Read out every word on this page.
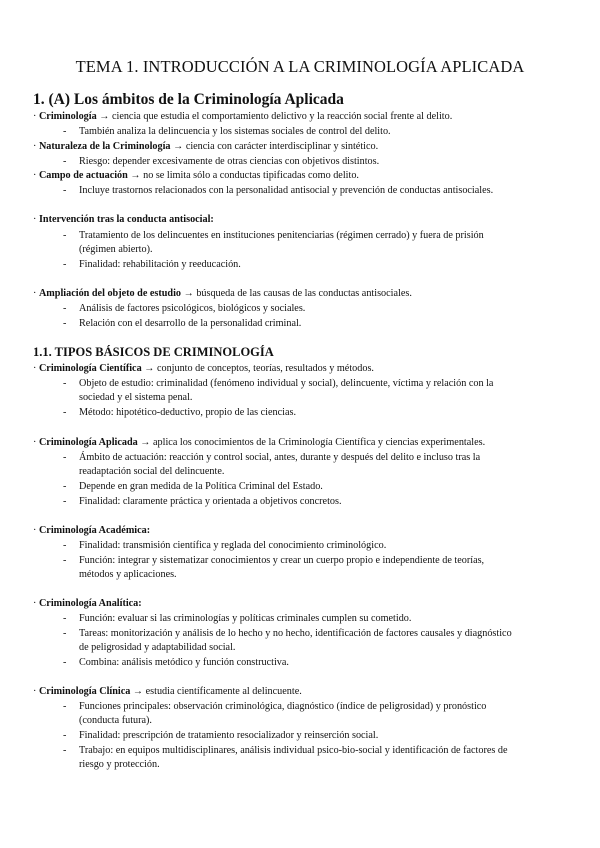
TEMA 1. INTRODUCCIÓN A LA CRIMINOLOGÍA APLICADA
1. (A) Los ámbitos de la Criminología Aplicada
· Criminología → ciencia que estudia el comportamiento delictivo y la reacción social frente al delito.
- También analiza la delincuencia y los sistemas sociales de control del delito.
· Naturaleza de la Criminología → ciencia con carácter interdisciplinar y sintético.
- Riesgo: depender excesivamente de otras ciencias con objetivos distintos.
· Campo de actuación → no se limita sólo a conductas tipificadas como delito.
- Incluye trastornos relacionados con la personalidad antisocial y prevención de conductas antisociales.
· Intervención tras la conducta antisocial:
- Tratamiento de los delincuentes en instituciones penitenciarias (régimen cerrado) y fuera de prisión
(régimen abierto).
- Finalidad: rehabilitación y reeducación.
· Ampliación del objeto de estudio → búsqueda de las causas de las conductas antisociales.
- Análisis de factores psicológicos, biológicos y sociales.
- Relación con el desarrollo de la personalidad criminal.
1.1. TIPOS BÁSICOS DE CRIMINOLOGÍA
· Criminología Científica → conjunto de conceptos, teorías, resultados y métodos.
- Objeto de estudio: criminalidad (fenómeno individual y social), delincuente, víctima y relación con la
sociedad y el sistema penal.
- Método: hipotético-deductivo, propio de las ciencias.
· Criminología Aplicada → aplica los conocimientos de la Criminología Científica y ciencias experimentales.
- Ámbito de actuación: reacción y control social, antes, durante y después del delito e incluso tras la
readaptación social del delincuente.
- Depende en gran medida de la Política Criminal del Estado.
- Finalidad: claramente práctica y orientada a objetivos concretos.
· Criminología Académica:
- Finalidad: transmisión científica y reglada del conocimiento criminológico.
- Función: integrar y sistematizar conocimientos y crear un cuerpo propio e independiente de teorías,
métodos y aplicaciones.
· Criminología Analítica:
- Función: evaluar si las criminologías y políticas criminales cumplen su cometido.
- Tareas: monitorización y análisis de lo hecho y no hecho, identificación de factores causales y diagnóstico
de peligrosidad y adaptabilidad social.
- Combina: análisis metódico y función constructiva.
· Criminología Clínica → estudia científicamente al delincuente.
- Funciones principales: observación criminológica, diagnóstico (índice de peligrosidad) y pronóstico
(conducta futura).
- Finalidad: prescripción de tratamiento resocializador y reinserción social.
- Trabajo: en equipos multidisciplinares, análisis individual psico-bio-social y identificación de factores de
riesgo y protección.
